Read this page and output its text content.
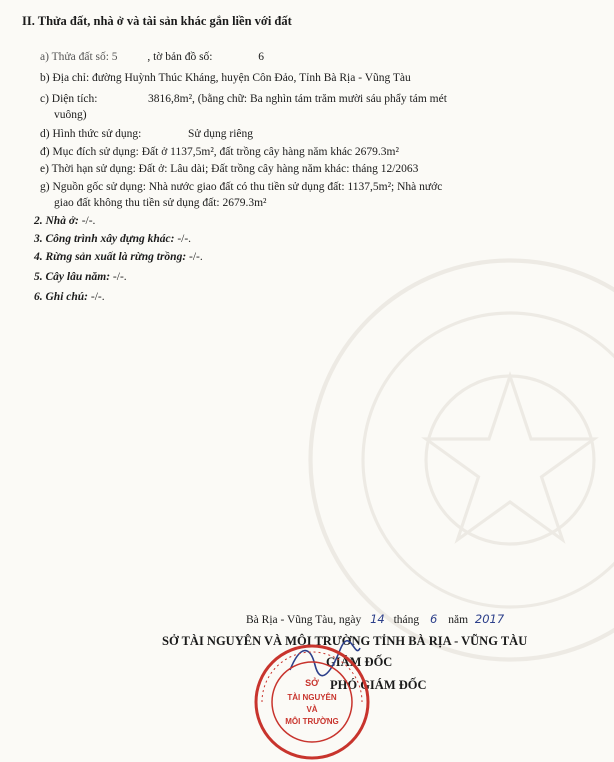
II. Thửa đất, nhà ở và tài sản khác gắn liền với đất
a) Thửa đất số: 5	, tờ bản đồ số:	6
b) Địa chỉ: đường Huỳnh Thúc Kháng, huyện Côn Đảo, Tỉnh Bà Rịa - Vũng Tàu
c) Diện tích:	3816,8m², (bằng chữ: Ba nghìn tám trăm mười sáu phẩy tám mét
vuông)
d) Hình thức sử dụng:	Sử dụng riêng
đ) Mục đích sử dụng: Đất ở 1137,5m², đất trồng cây hàng năm khác 2679.3m²
e) Thời hạn sử dụng: Đất ở: Lâu dài; Đất trồng cây hàng năm khác: tháng 12/2063
g) Nguồn gốc sử dụng: Nhà nước giao đất có thu tiền sử dụng đất: 1137,5m²; Nhà nước
giao đất không thu tiền sử dụng đất: 2679.3m²
2. Nhà ở: -/-.
3. Công trình xây dựng khác: -/-.
4. Rừng sản xuất là rừng trồng: -/-.
5. Cây lâu năm: -/-.
6. Ghi chú: -/-.
Bà Rịa - Vũng Tàu, ngày 14 tháng 6 năm 2017
SỞ TÀI NGUYÊN VÀ MÔI TRƯỜNG TỈNH BÀ RỊA - VŨNG TÀU
GIÁM ĐỐC
PHÓ GIÁM ĐỐC
SỞ
TÀI NGUYÊN
VÀ
MÔI TRƯỜNG
